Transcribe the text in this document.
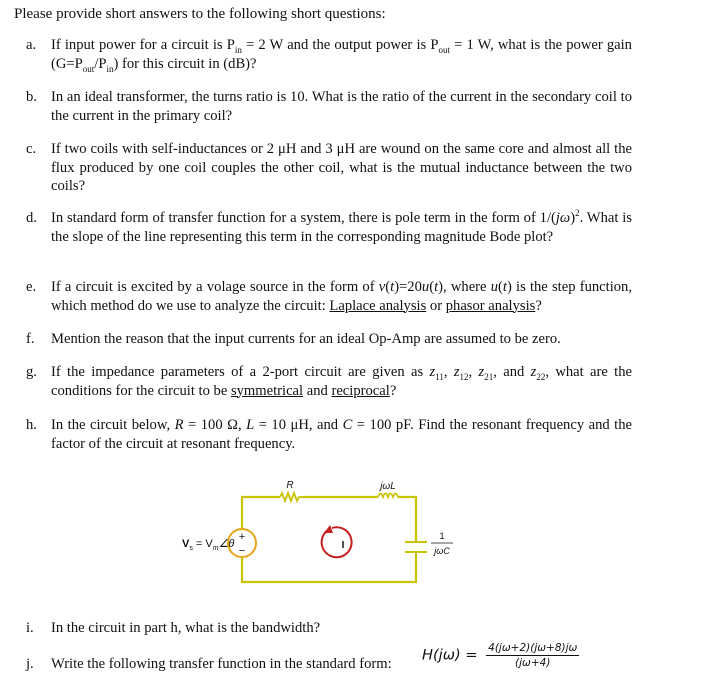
Please provide short answers to the following short questions:
a.	If input power for a circuit is $P_{in} = 2$ W and the output power is $P_{out} = 1$ W, what is the power gain $(G=P_{out}/P_{in})$ for this circuit in (dB)?
b. In an ideal transformer, the turns ratio is 10. What is the ratio of the current in the secondary coil to the current in the primary coil?
c.	If two coils with self-inductances or 2 μH and 3 μH are wound on the same core and almost all the flux produced by one coil couples the other coil, what is the mutual inductance between the two coils?
d. In standard form of transfer function for a system, there is pole term in the form of $1/(j\omega)^2$. What is the slope of the line representing this term in the corresponding magnitude Bode plot?
e.	If a circuit is excited by a volage source in the form of v(t)=20u(t), where u(t) is the step function, which method do we use to analyze the circuit: Laplace analysis or phasor analysis?
f.	Mention the reason that the input currents for an ideal Op-Amp are assumed to be zero.
g. If the impedance parameters of a 2-port circuit are given as $z_{11}$, $z_{12}$, $z_{21}$, and $z_{22}$, what are the conditions for the circuit to be symmetrical and reciprocal?
h. In the circuit below, R = 100 Ω, L = 10 μH, and C = 100 pF. Find the resonant frequency and the factor of the circuit at resonant frequency.
+
−	I
R	jωL
$V_s$ = $V_m\angle\theta$
1
jωC
i.	In the circuit in part h, what is the bandwidth?
j.	Write the following transfer function in the standard form:
$H(j\omega) = \frac{4(j\omega+2)(j\omega+8)j\omega}{(j\omega+4)}$
